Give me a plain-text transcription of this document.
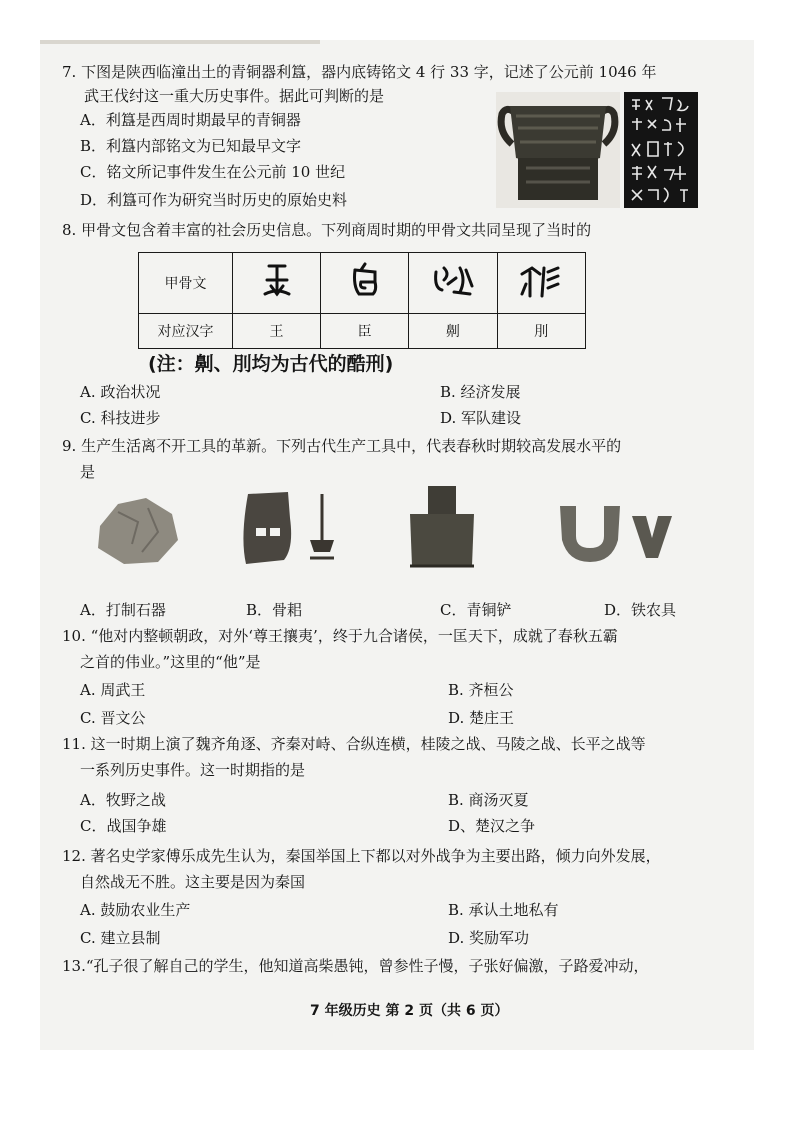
7. 下图是陕西临潼出土的青铜器利簋，器内底铸铭文 4 行 33 字，记述了公元前 1046 年
武王伐纣这一重大历史事件。据此可判断的是
A．利簋是西周时期最早的青铜器
B．利簋内部铭文为已知最早文字
C．铭文所记事件发生在公元前 10 世纪
D．利簋可作为研究当时历史的原始史料
8. 甲骨文包含着丰富的社会历史信息。下列商周时期的甲骨文共同呈现了当时的
甲骨文				
对应汉字	王	臣	劓	刖
(注：劓、刖均为古代的酷刑)
A. 政治状况	B. 经济发展
C. 科技进步	D. 军队建设
9. 生产生活离不开工具的革新。下列古代生产工具中，代表春秋时期较高发展水平的
是
A．打制石器	B．骨耜	C．青铜铲	D．铁农具
10. “他对内整顿朝政，对外‘尊王攘夷’，终于九合诸侯，一匡天下，成就了春秋五霸
之首的伟业。”这里的“他”是
A. 周武王	B. 齐桓公
C. 晋文公	D. 楚庄王
11. 这一时期上演了魏齐角逐、齐秦对峙、合纵连横，桂陵之战、马陵之战、长平之战等
一系列历史事件。这一时期指的是
A．牧野之战	B. 商汤灭夏
C．战国争雄	D、楚汉之争
12. 著名史学家傅乐成先生认为，秦国举国上下都以对外战争为主要出路，倾力向外发展，
自然战无不胜。这主要是因为秦国
A. 鼓励农业生产	B. 承认土地私有
C. 建立县制	D. 奖励军功
13.“孔子很了解自己的学生，他知道高柴愚钝，曾参性子慢，子张好偏激，子路爱冲动，
7 年级历史 第 2 页（共 6 页）
